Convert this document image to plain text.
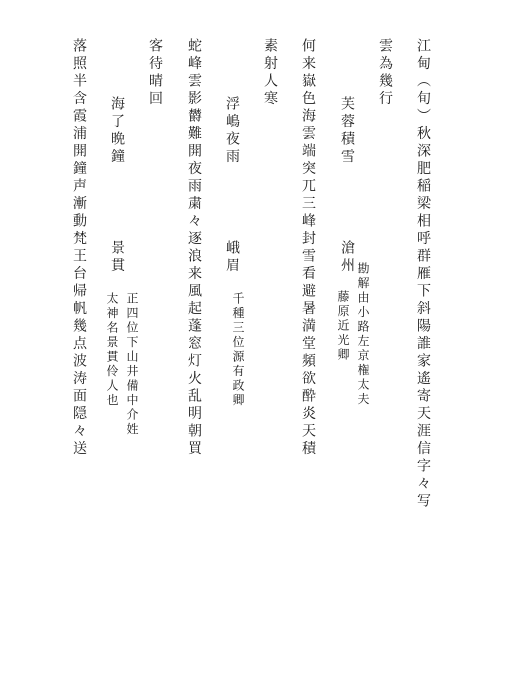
江甸（旬）秋深肥稲梁相呼群雁下斜陽誰家遙寄天涯信字々写

雲為幾行

芙蓉積雪

勘解由小路左京権太夫

藤原近光卿

滄州

何来嶽色海雲端突兀三峰封雪看避暑満堂頻欲酔炎天積

素射人寒

浮嶋夜雨

峨眉

千種三位源有政卿

蛇峰雲影欝難開夜雨粛々逐浪来風起蓬窓灯火乱明朝買

客待晴回

海了晩鐘

景貫

正四位下山井備中介姓

太神名景貫伶人也

落照半含霞浦開鐘声漸動梵王台帰帆幾点波涛面隠々送
